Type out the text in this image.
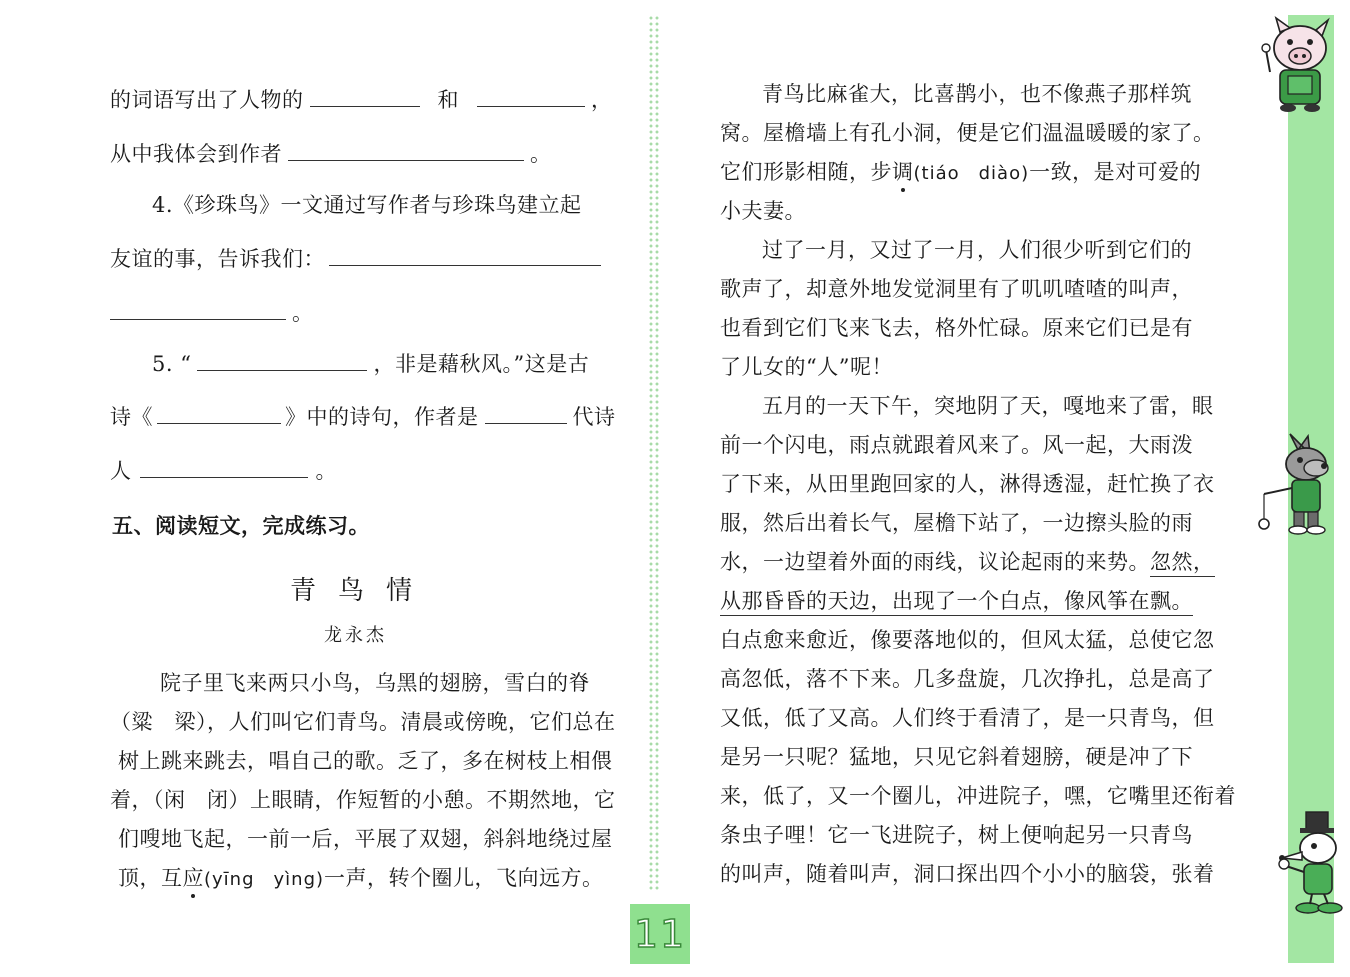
的词语写出了人物的	和	，
从中我体会到作者	。
4.《珍珠鸟》一文通过写作者与珍珠鸟建立起
友谊的事，告诉我们：
。
5. “	，非是藉秋风。”这是古
诗《	》中的诗句，作者是	代诗
人	。
五、阅读短文，完成练习。
青鸟情
龙永杰
院子里飞来两只小鸟，乌黑的翅膀，雪白的脊
（粱　梁），人们叫它们青鸟。清晨或傍晚，它们总在
树上跳来跳去，唱自己的歌。乏了，多在树枝上相偎
着，（闲　闭）上眼睛，作短暂的小憩。不期然地，它
们嗖地飞起，一前一后，平展了双翅，斜斜地绕过屋
顶，互应(yīng　yìng)一声，转个圈儿，飞向远方。
11
青鸟比麻雀大，比喜鹊小，也不像燕子那样筑
窝。屋檐墙上有孔小洞，便是它们温温暖暖的家了。
它们形影相随，步调(tiáo　diào)一致，是对可爱的
小夫妻。
过了一月，又过了一月，人们很少听到它们的
歌声了，却意外地发觉洞里有了叽叽喳喳的叫声，
也看到它们飞来飞去，格外忙碌。原来它们已是有
了儿女的“人”呢！
五月的一天下午，突地阴了天，嘎地来了雷，眼
前一个闪电，雨点就跟着风来了。风一起，大雨泼
了下来，从田里跑回家的人，淋得透湿，赶忙换了衣
服，然后出着长气，屋檐下站了，一边擦头脸的雨
水，一边望着外面的雨线，议论起雨的来势。忽然，
从那昏昏的天边，出现了一个白点，像风筝在飘。
白点愈来愈近，像要落地似的，但风太猛，总使它忽
高忽低，落不下来。几多盘旋，几次挣扎，总是高了
又低，低了又高。人们终于看清了，是一只青鸟，但
是另一只呢？猛地，只见它斜着翅膀，硬是冲了下
来，低了，又一个圈儿，冲进院子，嘿，它嘴里还衔着
条虫子哩！它一飞进院子，树上便响起另一只青鸟
的叫声，随着叫声，洞口探出四个小小的脑袋，张着
